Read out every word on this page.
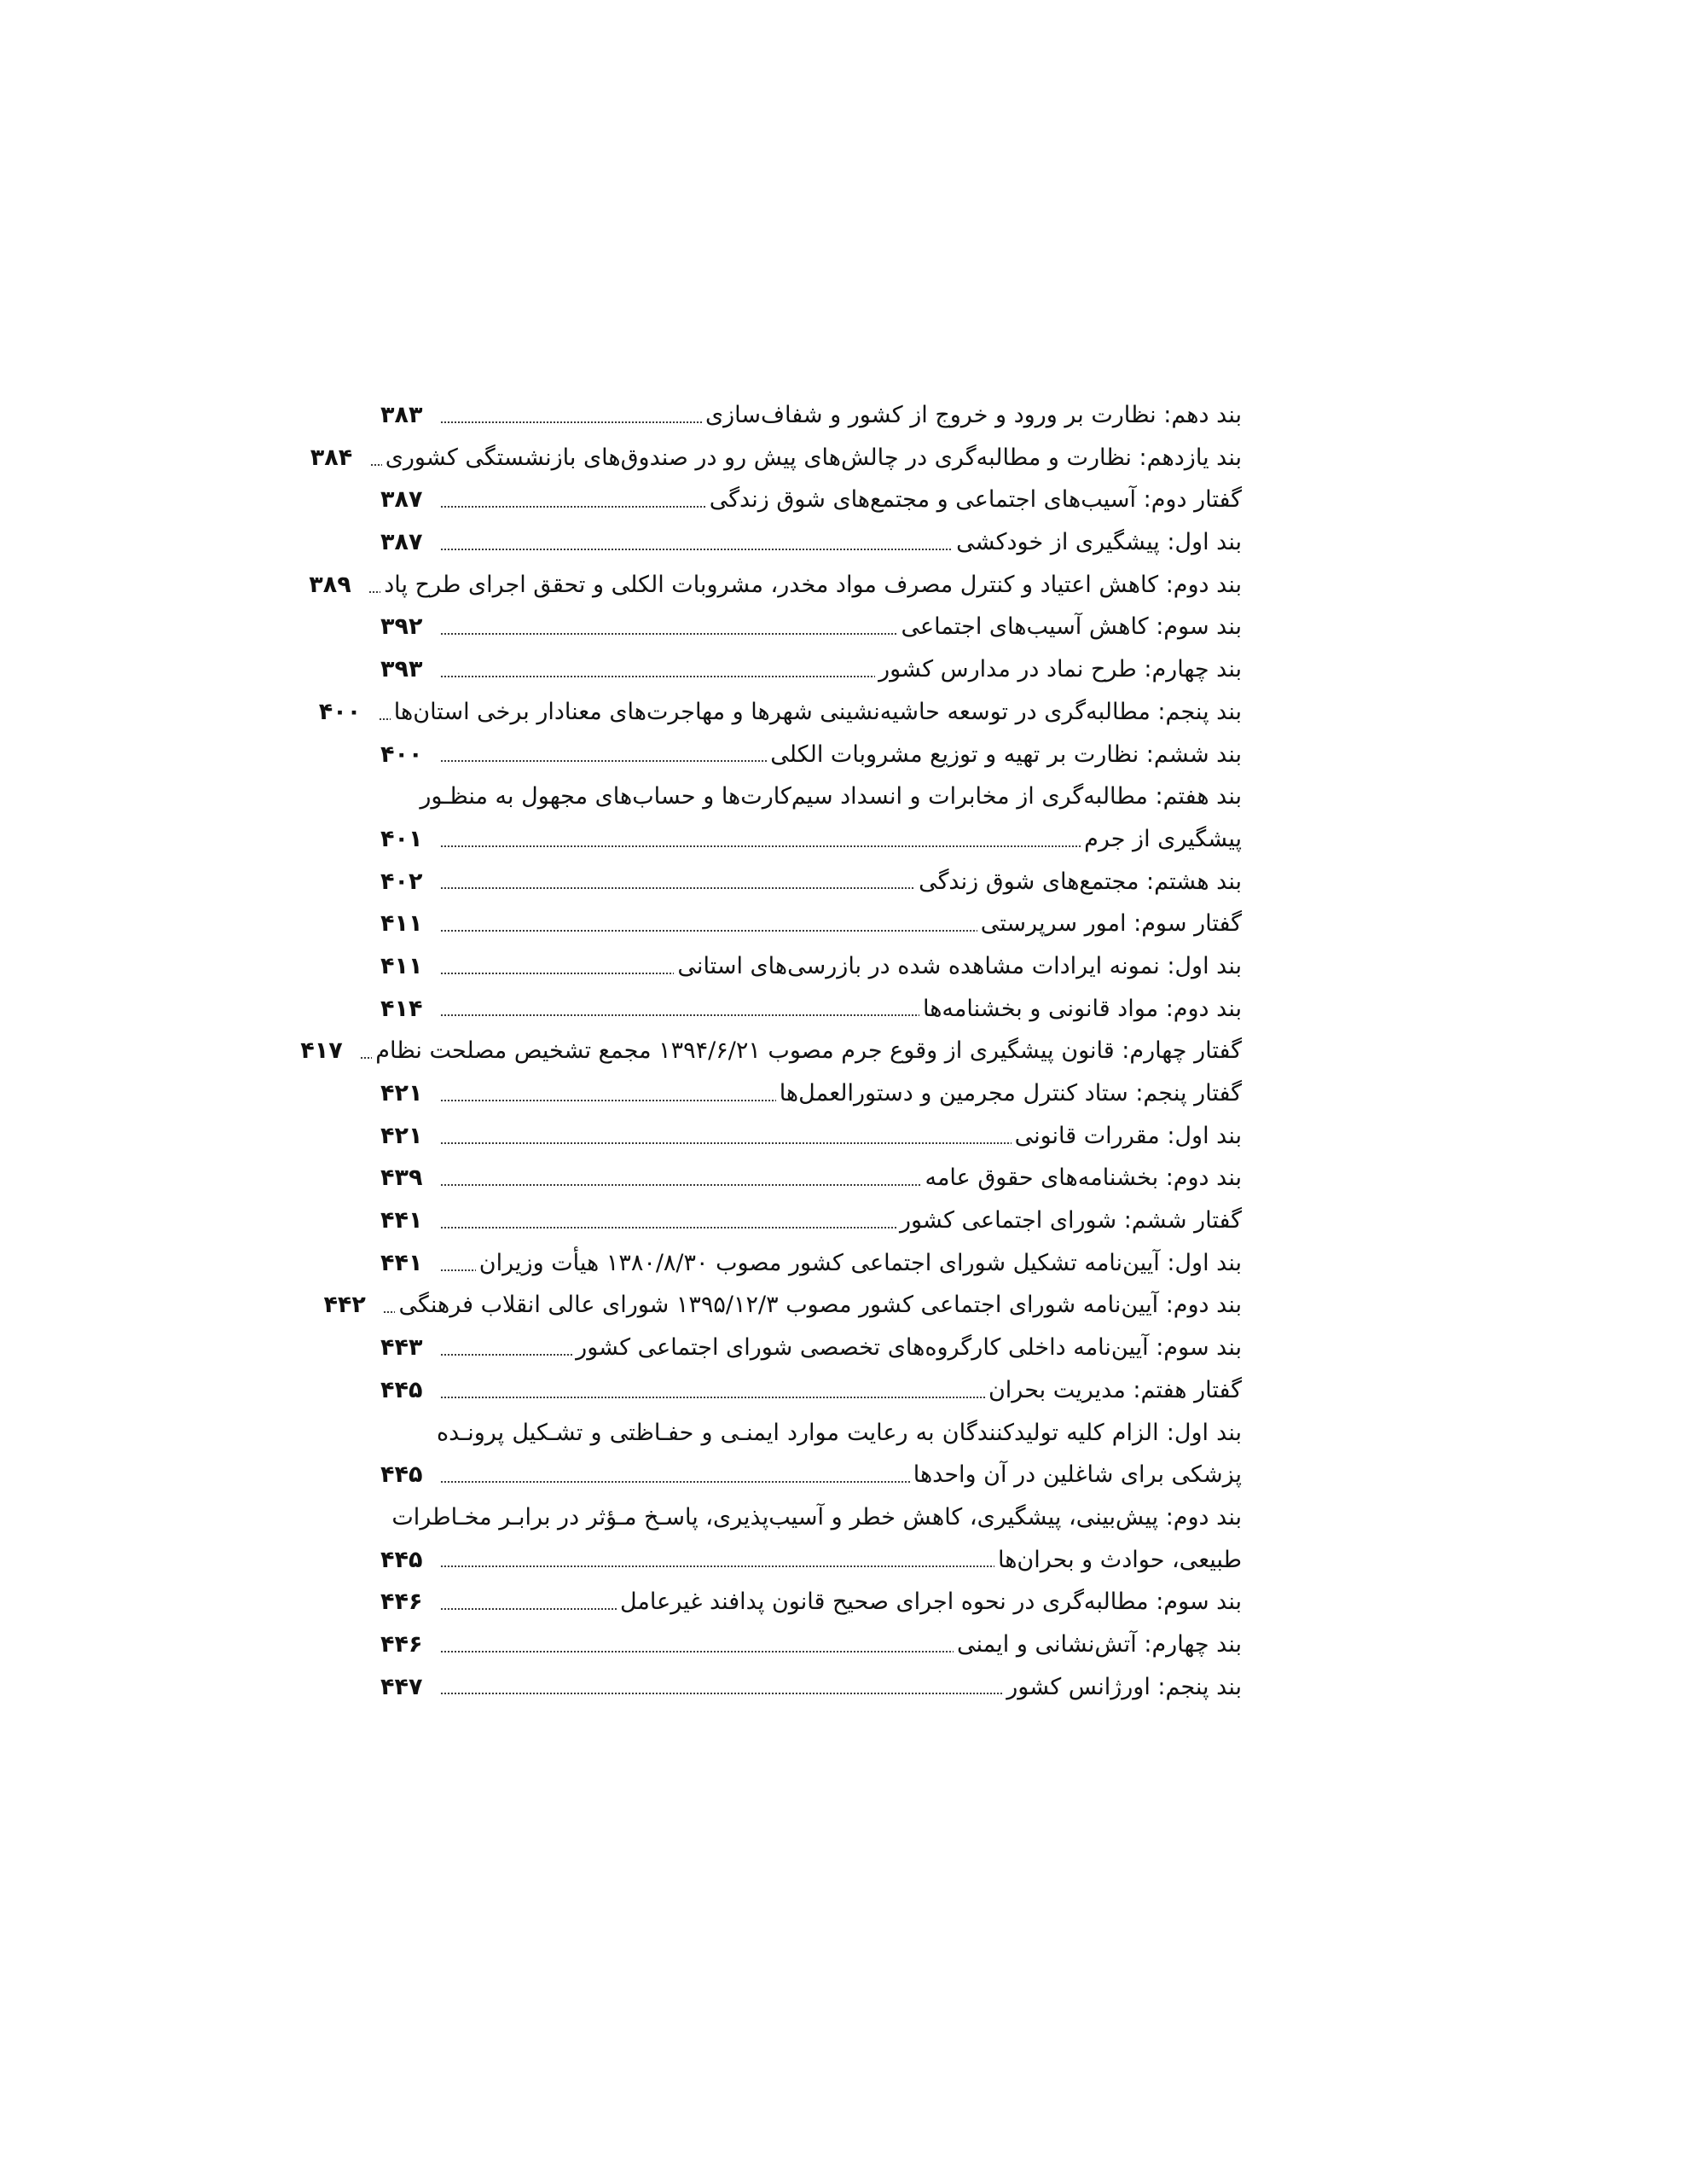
بند دهم: نظارت بر ورود و خروج از کشور و شفاف‌سازی
۳۸۳
بند یازدهم: نظارت و مطالبه‌گری در چالش‌های پیش رو در صندوق‌های بازنشستگی کشوری
۳۸۴
گفتار دوم: آسیب‌های اجتماعی و مجتمع‌های شوق زندگی
۳۸۷
بند اول: پیشگیری از خودکشی
۳۸۷
بند دوم: کاهش اعتیاد و کنترل مصرف مواد مخدر، مشروبات الکلی و تحقق اجرای طرح پاد
۳۸۹
بند سوم: کاهش آسیب‌های اجتماعی
۳۹۲
بند چهارم: طرح نماد در مدارس کشور
۳۹۳
بند پنجم: مطالبه‌گری در توسعه حاشیه‌نشینی شهرها و مهاجرت‌های معنادار برخی استان‌ها
۴۰۰
بند ششم: نظارت بر تهیه و توزیع مشروبات الکلی
۴۰۰
بند هفتم: مطالبه‌گری از مخابرات و انسداد سیم‌کارت‌ها و حساب‌های مجهول به منظـور
پیشگیری از جرم
۴۰۱
بند هشتم: مجتمع‌های شوق زندگی
۴۰۲
گفتار سوم: امور سرپرستی
۴۱۱
بند اول: نمونه ایرادات مشاهده شده در بازرسی‌های استانی
۴۱۱
بند دوم: مواد قانونی و بخشنامه‌ها
۴۱۴
گفتار چهارم: قانون پیشگیری از وقوع جرم مصوب ۱۳۹۴/۶/۲۱ مجمع تشخیص مصلحت نظام
۴۱۷
گفتار پنجم: ستاد کنترل مجرمین و دستورالعمل‌ها
۴۲۱
بند اول: مقررات قانونی
۴۲۱
بند دوم: بخشنامه‌های حقوق عامه
۴۳۹
گفتار ششم: شورای اجتماعی کشور
۴۴۱
بند اول: آیین‌نامه تشکیل شورای اجتماعی کشور مصوب ۱۳۸۰/۸/۳۰ هیأت وزیران
۴۴۱
بند دوم: آیین‌نامه شورای اجتماعی کشور مصوب ۱۳۹۵/۱۲/۳ شورای عالی انقلاب فرهنگی
۴۴۲
بند سوم: آیین‌نامه داخلی کارگروه‌های تخصصی شورای اجتماعی کشور
۴۴۳
گفتار هفتم: مدیریت بحران
۴۴۵
بند اول: الزام کلیه تولیدکنندگان به رعایت موارد ایمنـی و حفـاظتی و تشـکیل پرونـده
پزشکی برای شاغلین در آن واحدها
۴۴۵
بند دوم: پیش‌بینی، پیشگیری، کاهش خطر و آسیب‌پذیری، پاسـخ مـؤثر در برابـر مخـاطرات
طبیعی، حوادث و بحران‌ها
۴۴۵
بند سوم: مطالبه‌گری در نحوه اجرای صحیح قانون پدافند غیرعامل
۴۴۶
بند چهارم: آتش‌نشانی و ایمنی
۴۴۶
بند پنجم: اورژانس کشور
۴۴۷
